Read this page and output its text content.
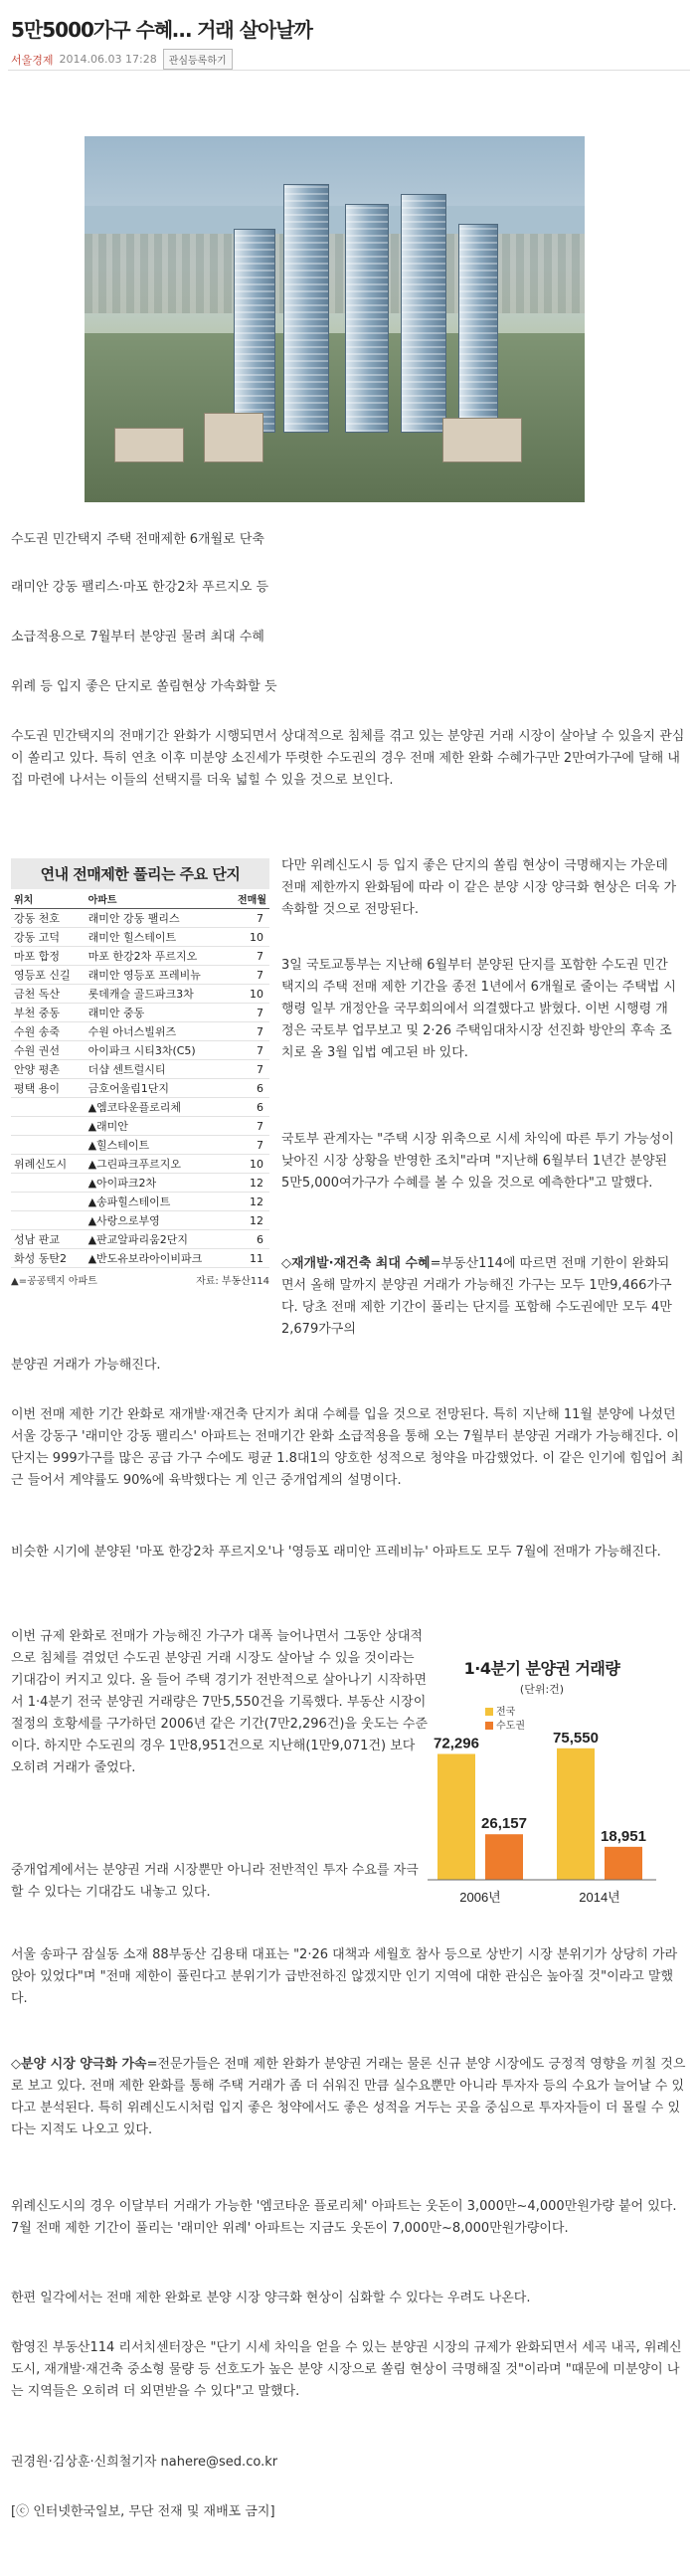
5만5000가구 수혜… 거래 살아날까
서울경제 2014.06.03 17:28	관심등록하기
수도권 민간택지 주택 전매제한 6개월로 단축
래미안 강동 팰리스·마포 한강2차 푸르지오 등
소급적용으로 7월부터 분양권 물려 최대 수혜
위례 등 입지 좋은 단지로 쏠림현상 가속화할 듯
수도권 민간택지의 전매기간 완화가 시행되면서 상대적으로 침체를 겪고 있는 분양권 거래 시장이 살아날 수 있을지 관심이 쏠리고 있다. 특히 연초 이후 미분양 소진세가 뚜렷한 수도권의 경우 전매 제한 완화 수혜가구만 2만여가구에 달해 내 집 마련에 나서는 이들의 선택지를 더욱 넓힐 수 있을 것으로 보인다.
연내 전매제한 풀리는 주요 단지
위치	아파트	전매월
강동 천호	래미안 강동 팰리스	7
강동 고덕	래미안 힐스테이트	10
마포 합정	마포 한강2차 푸르지오	7
영등포 신길	래미안 영등포 프레비뉴	7
금천 독산	롯데캐슬 골드파크3차	10
부천 중동	래미안 중동	7
수원 송죽	수원 아너스빌위즈	7
수원 권선	아이파크 시티3차(C5)	7
안양 평촌	더샵 센트럴시티	7
평택 용이	금호어울림1단지	6
	▲엠코타운플로리체	6
	▲래미안	7
	▲힐스테이트	7
위례신도시	▲그린파크푸르지오	10
	▲아이파크2차	12
	▲송파힐스테이트	12
	▲사랑으로부영	12
성남 판교	▲판교알파리움2단지	6
화성 동탄2	▲반도유보라아이비파크	11
▲=공공택지 아파트	자료: 부동산114
다만 위례신도시 등 입지 좋은 단지의 쏠림 현상이 극명해지는 가운데 전매 제한까지 완화됨에 따라 이 같은 분양 시장 양극화 현상은 더욱 가속화할 것으로 전망된다.
3일 국토교통부는 지난해 6월부터 분양된 단지를 포함한 수도권 민간택지의 주택 전매 제한 기간을 종전 1년에서 6개월로 줄이는 주택법 시행령 일부 개정안을 국무회의에서 의결했다고 밝혔다. 이번 시행령 개정은 국토부 업무보고 및 2·26 주택임대차시장 선진화 방안의 후속 조치로 올 3월 입법 예고된 바 있다.
국토부 관계자는 "주택 시장 위축으로 시세 차익에 따른 투기 가능성이 낮아진 시장 상황을 반영한 조치"라며 "지난해 6월부터 1년간 분양된 5만5,000여가구가 수혜를 볼 수 있을 것으로 예측한다"고 말했다.
◇재개발·재건축 최대 수혜=부동산114에 따르면 전매 기한이 완화되면서 올해 말까지 분양권 거래가 가능해진 가구는 모두 1만9,466가구다. 당초 전매 제한 기간이 풀리는 단지를 포함해 수도권에만 모두 4만2,679가구의
분양권 거래가 가능해진다.
이번 전매 제한 기간 완화로 재개발·재건축 단지가 최대 수혜를 입을 것으로 전망된다. 특히 지난해 11월 분양에 나섰던 서울 강동구 '래미안 강동 팰리스' 아파트는 전매기간 완화 소급적용을 통해 오는 7월부터 분양권 거래가 가능해진다. 이 단지는 999가구를 많은 공급 가구 수에도 평균 1.8대1의 양호한 성적으로 청약을 마감했었다. 이 같은 인기에 힘입어 최근 들어서 계약률도 90%에 육박했다는 게 인근 중개업계의 설명이다.
비슷한 시기에 분양된 '마포 한강2차 푸르지오'나 '영등포 래미안 프레비뉴' 아파트도 모두 7월에 전매가 가능해진다.
이번 규제 완화로 전매가 가능해진 가구가 대폭 늘어나면서 그동안 상대적으로 침체를 겪었던 수도권 분양권 거래 시장도 살아날 수 있을 것이라는 기대감이 커지고 있다. 올 들어 주택 경기가 전반적으로 살아나기 시작하면서 1·4분기 전국 분양권 거래량은 7만5,550건을 기록했다. 부동산 시장이 절정의 호황세를 구가하던 2006년 같은 기간(7만2,296건)을 웃도는 수준이다. 하지만 수도권의 경우 1만8,951건으로 지난해(1만9,071건) 보다 오히려 거래가 줄었다.
중개업계에서는 분양권 거래 시장뿐만 아니라 전반적인 투자 수요를 자극할 수 있다는 기대감도 내놓고 있다.
1·4분기 분양권 거래량
(단위:건)
전국
수도권
72,296
26,157
2006년
75,550
18,951
2014년
서울 송파구 잠실동 소재 88부동산 김용태 대표는 "2·26 대책과 세월호 참사 등으로 상반기 시장 분위기가 상당히 가라앉아 있었다"며 "전매 제한이 풀린다고 분위기가 급반전하진 않겠지만 인기 지역에 대한 관심은 높아질 것"이라고 말했다.
◇분양 시장 양극화 가속=전문가들은 전매 제한 완화가 분양권 거래는 물론 신규 분양 시장에도 긍정적 영향을 끼칠 것으로 보고 있다. 전매 제한 완화를 통해 주택 거래가 좀 더 쉬워진 만큼 실수요뿐만 아니라 투자자 등의 수요가 늘어날 수 있다고 분석된다. 특히 위례신도시처럼 입지 좋은 청약에서도 좋은 성적을 거두는 곳을 중심으로 투자자들이 더 몰릴 수 있다는 지적도 나오고 있다.
위례신도시의 경우 이달부터 거래가 가능한 '엠코타운 플로리체' 아파트는 웃돈이 3,000만~4,000만원가량 붙어 있다. 7월 전매 제한 기간이 풀리는 '래미안 위례' 아파트는 지금도 웃돈이 7,000만~8,000만원가량이다.
한편 일각에서는 전매 제한 완화로 분양 시장 양극화 현상이 심화할 수 있다는 우려도 나온다.
함영진 부동산114 리서치센터장은 "단기 시세 차익을 얻을 수 있는 분양권 시장의 규제가 완화되면서 세곡 내곡, 위례신도시, 재개발·재건축 중소형 물량 등 선호도가 높은 분양 시장으로 쏠림 현상이 극명해질 것"이라며 "때문에 미분양이 나는 지역들은 오히려 더 외면받을 수 있다"고 말했다.
권경원·김상훈·신희철기자 nahere@sed.co.kr
[ⓒ 인터넷한국일보, 무단 전재 및 재배포 금지]
